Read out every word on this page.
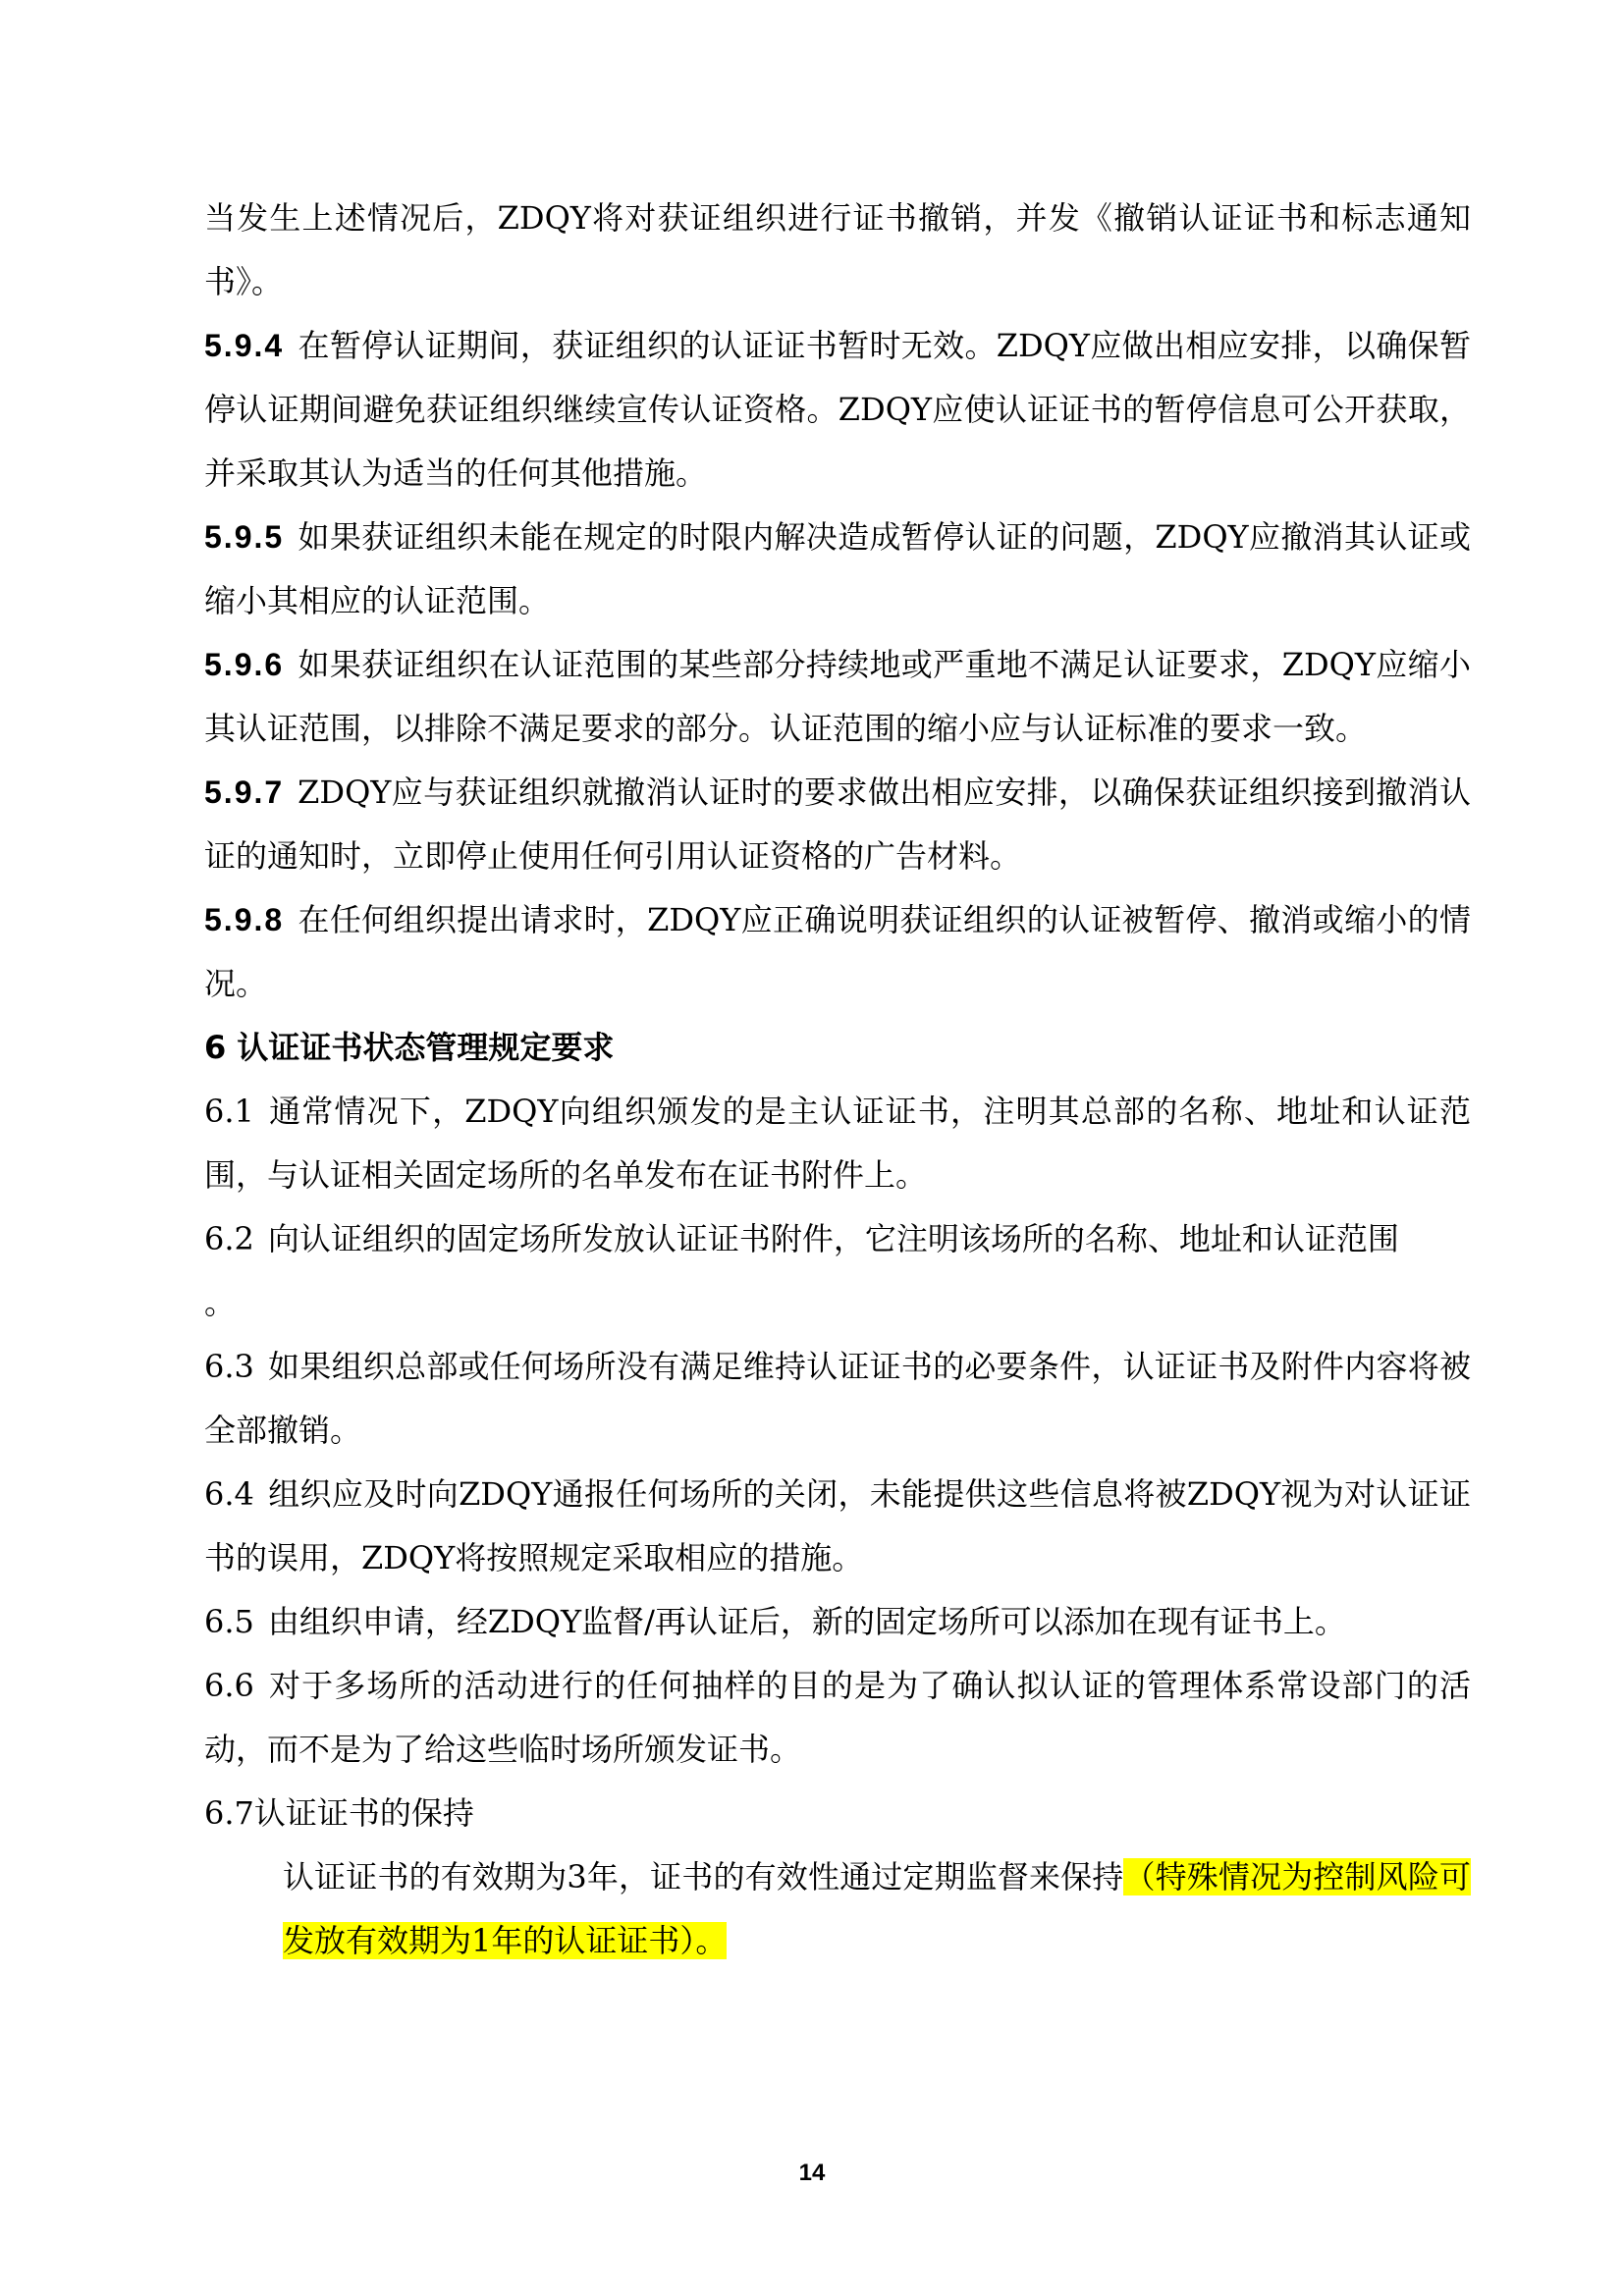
当发生上述情况后，ZDQY将对获证组织进行证书撤销，并发《撤销认证证书和标志通知书》。

5.9.4 在暂停认证期间，获证组织的认证证书暂时无效。ZDQY应做出相应安排，以确保暂停认证期间避免获证组织继续宣传认证资格。ZDQY应使认证证书的暂停信息可公开获取，并采取其认为适当的任何其他措施。

5.9.5 如果获证组织未能在规定的时限内解决造成暂停认证的问题，ZDQY应撤消其认证或缩小其相应的认证范围。

5.9.6 如果获证组织在认证范围的某些部分持续地或严重地不满足认证要求，ZDQY应缩小其认证范围，以排除不满足要求的部分。认证范围的缩小应与认证标准的要求一致。

5.9.7 ZDQY应与获证组织就撤消认证时的要求做出相应安排，以确保获证组织接到撤消认证的通知时，立即停止使用任何引用认证资格的广告材料。

5.9.8 在任何组织提出请求时，ZDQY应正确说明获证组织的认证被暂停、撤消或缩小的情况。

6 认证证书状态管理规定要求

6.1 通常情况下，ZDQY向组织颁发的是主认证证书，注明其总部的名称、地址和认证范围，与认证相关固定场所的名单发布在证书附件上。

6.2 向认证组织的固定场所发放认证证书附件，它注明该场所的名称、地址和认证范围
。

6.3 如果组织总部或任何场所没有满足维持认证证书的必要条件，认证证书及附件内容将被全部撤销。

6.4 组织应及时向ZDQY通报任何场所的关闭，未能提供这些信息将被ZDQY视为对认证证书的误用，ZDQY将按照规定采取相应的措施。

6.5 由组织申请，经ZDQY监督/再认证后，新的固定场所可以添加在现有证书上。

6.6 对于多场所的活动进行的任何抽样的目的是为了确认拟认证的管理体系常设部门的活动，而不是为了给这些临时场所颁发证书。

6.7认证证书的保持

认证证书的有效期为3年，证书的有效性通过定期监督来保持（特殊情况为控制风险可发放有效期为1年的认证证书）。

14
